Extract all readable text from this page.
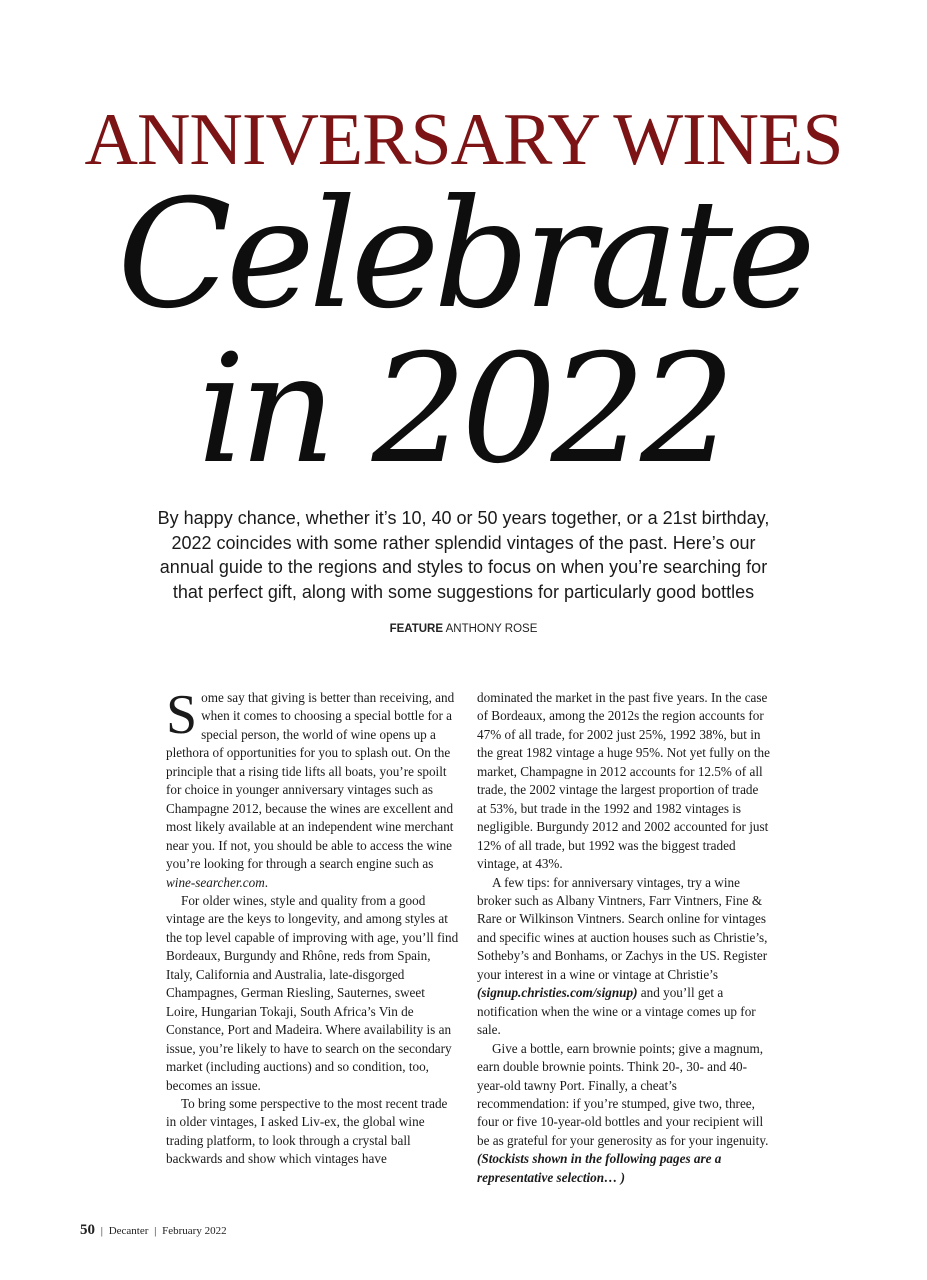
ANNIVERSARY WINES
Celebrate
in 2022
By happy chance, whether it’s 10, 40 or 50 years together, or a 21st birthday, 2022 coincides with some rather splendid vintages of the past. Here’s our annual guide to the regions and styles to focus on when you’re searching for that perfect gift, along with some suggestions for particularly good bottles
FEATURE ANTHONY ROSE

Some say that giving is better than receiving, and when it comes to choosing a special bottle for a special person, the world of wine opens up a plethora of opportunities for you to splash out. On the principle that a rising tide lifts all boats, you’re spoilt for choice in younger anniversary vintages such as Champagne 2012, because the wines are excellent and most likely available at an independent wine merchant near you. If not, you should be able to access the wine you’re looking for through a search engine such as wine-searcher.com.

For older wines, style and quality from a good vintage are the keys to longevity, and among styles at the top level capable of improving with age, you’ll find Bordeaux, Burgundy and Rhône, reds from Spain, Italy, California and Australia, late-disgorged Champagnes, German Riesling, Sauternes, sweet Loire, Hungarian Tokaji, South Africa’s Vin de Constance, Port and Madeira. Where availability is an issue, you’re likely to have to search on the secondary market (including auctions) and so condition, too, becomes an issue.

To bring some perspective to the most recent trade in older vintages, I asked Liv-ex, the global wine trading platform, to look through a crystal ball backwards and show which vintages have

dominated the market in the past five years. In the case of Bordeaux, among the 2012s the region accounts for 47% of all trade, for 2002 just 25%, 1992 38%, but in the great 1982 vintage a huge 95%. Not yet fully on the market, Champagne in 2012 accounts for 12.5% of all trade, the 2002 vintage the largest proportion of trade at 53%, but trade in the 1992 and 1982 vintages is negligible. Burgundy 2012 and 2002 accounted for just 12% of all trade, but 1992 was the biggest traded vintage, at 43%.

A few tips: for anniversary vintages, try a wine broker such as Albany Vintners, Farr Vintners, Fine & Rare or Wilkinson Vintners. Search online for vintages and specific wines at auction houses such as Christie’s, Sotheby’s and Bonhams, or Zachys in the US. Register your interest in a wine or vintage at Christie’s (signup.christies.com/signup) and you’ll get a notification when the wine or a vintage comes up for sale.

Give a bottle, earn brownie points; give a magnum, earn double brownie points. Think 20-, 30- and 40-year-old tawny Port. Finally, a cheat’s recommendation: if you’re stumped, give two, three, four or five 10-year-old bottles and your recipient will be as grateful for your generosity as for your ingenuity. (Stockists shown in the following pages are a representative selection… )

50 | Decanter | February 2022
